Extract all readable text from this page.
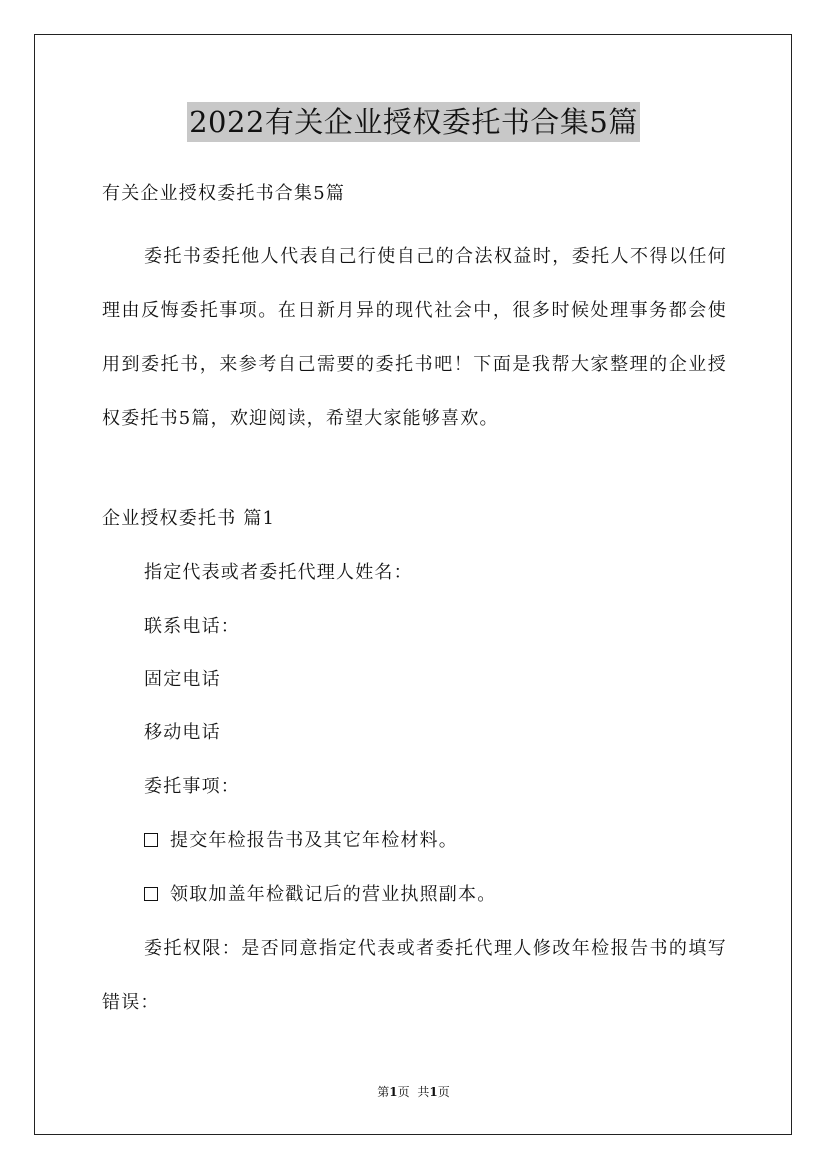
2022有关企业授权委托书合集5篇
有关企业授权委托书合集5篇
委托书委托他人代表自己行使自己的合法权益时，委托人不得以任何理由反悔委托事项。在日新月异的现代社会中，很多时候处理事务都会使用到委托书，来参考自己需要的委托书吧！下面是我帮大家整理的企业授权委托书5篇，欢迎阅读，希望大家能够喜欢。
企业授权委托书 篇1
指定代表或者委托代理人姓名：
联系电话：
固定电话
移动电话
委托事项：
提交年检报告书及其它年检材料。
领取加盖年检戳记后的营业执照副本。
委托权限：是否同意指定代表或者委托代理人修改年检报告书的填写错误：
第1页 共1页
